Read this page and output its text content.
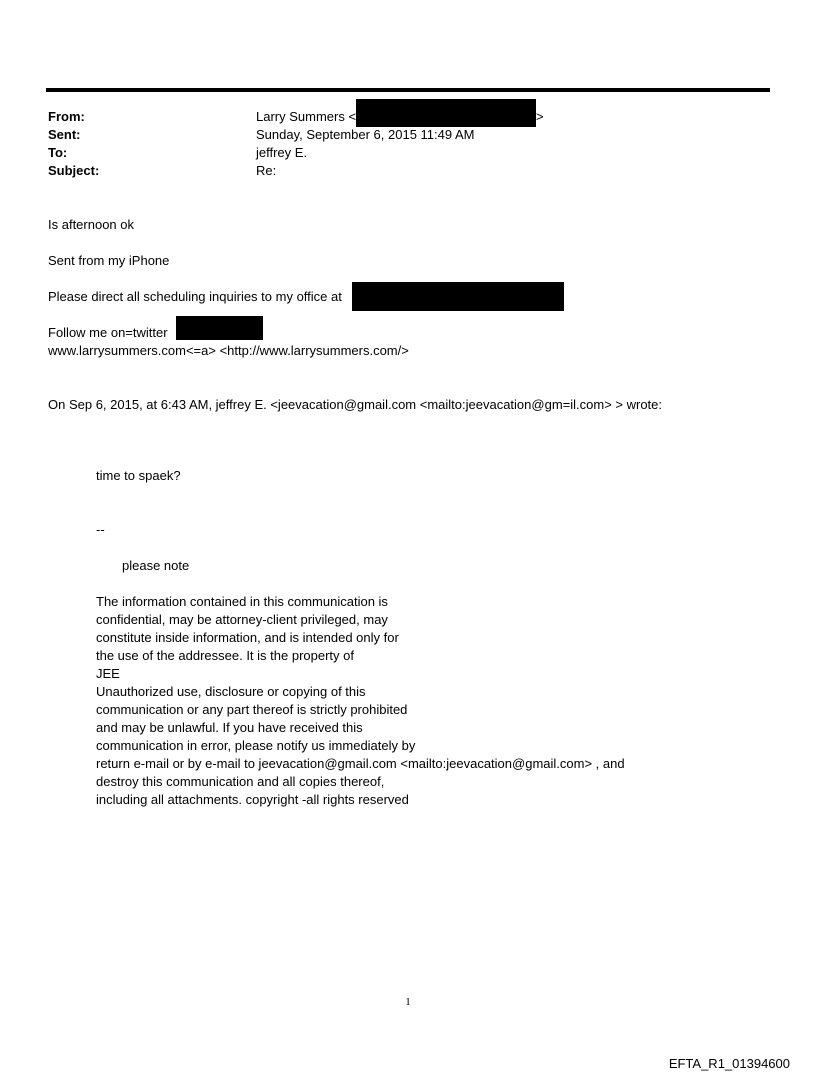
From:	Larry Summers <	>
Sent:	Sunday, September 6, 2015 11:49 AM
To:	jeffrey E.
Subject:	Re:
Is afternoon ok
Sent from my iPhone
Please direct all scheduling inquiries to my office at
Follow me on=twitter
www.larrysummers.com<=a> <http://www.larrysummers.com/>
On Sep 6, 2015, at 6:43 AM, jeffrey E. <jeevacation@gmail.com <mailto:jeevacation@gm=il.com> > wrote:
time to spaek?
--
please note
The information contained in this communication is
confidential, may be attorney-client privileged, may
constitute inside information, and is intended only for
the use of the addressee. It is the property of
JEE
Unauthorized use, disclosure or copying of this
communication or any part thereof is strictly prohibited
and may be unlawful. If you have received this
communication in error, please notify us immediately by
return e-mail or by e-mail to jeevacation@gmail.com <mailto:jeevacation@gmail.com> , and
destroy this communication and all copies thereof,
including all attachments. copyright -all rights reserved
1
EFTA_R1_01394600
